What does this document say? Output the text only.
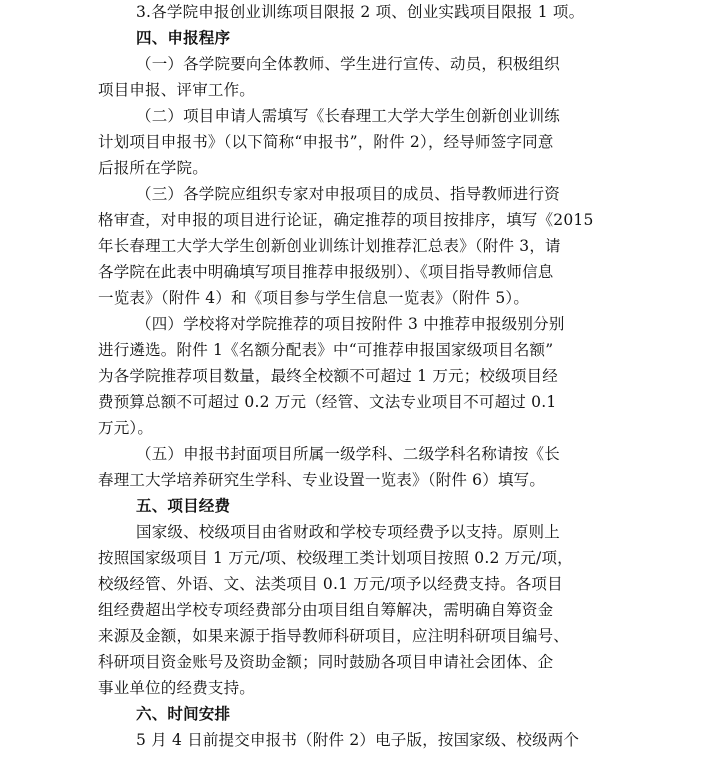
3.各学院申报创业训练项目限报 2 项、创业实践项目限报 1 项。
四、申报程序
（一）各学院要向全体教师、学生进行宣传、动员，积极组织
项目申报、评审工作。
（二）项目申请人需填写《长春理工大学大学生创新创业训练
计划项目申报书》（以下简称“申报书”，附件 2），经导师签字同意
后报所在学院。
（三）各学院应组织专家对申报项目的成员、指导教师进行资
格审查，对申报的项目进行论证，确定推荐的项目按排序，填写《2015
年长春理工大学大学生创新创业训练计划推荐汇总表》（附件 3，请
各学院在此表中明确填写项目推荐申报级别）、《项目指导教师信息
一览表》（附件 4）和《项目参与学生信息一览表》（附件 5）。
（四）学校将对学院推荐的项目按附件 3 中推荐申报级别分别
进行遴选。附件 1《名额分配表》中“可推荐申报国家级项目名额”
为各学院推荐项目数量，最终全校额不可超过 1 万元；校级项目经
费预算总额不可超过 0.2 万元（经管、文法专业项目不可超过 0.1
万元）。
（五）申报书封面项目所属一级学科、二级学科名称请按《长
春理工大学培养研究生学科、专业设置一览表》（附件 6）填写。
五、项目经费
国家级、校级项目由省财政和学校专项经费予以支持。原则上
按照国家级项目 1 万元/项、校级理工类计划项目按照 0.2 万元/项，
校级经管、外语、文、法类项目 0.1 万元/项予以经费支持。各项目
组经费超出学校专项经费部分由项目组自筹解决，需明确自筹资金
来源及金额，如果来源于指导教师科研项目，应注明科研项目编号、
科研项目资金账号及资助金额；同时鼓励各项目申请社会团体、企
事业单位的经费支持。
六、时间安排
5 月 4 日前提交申报书（附件 2）电子版，按国家级、校级两个
